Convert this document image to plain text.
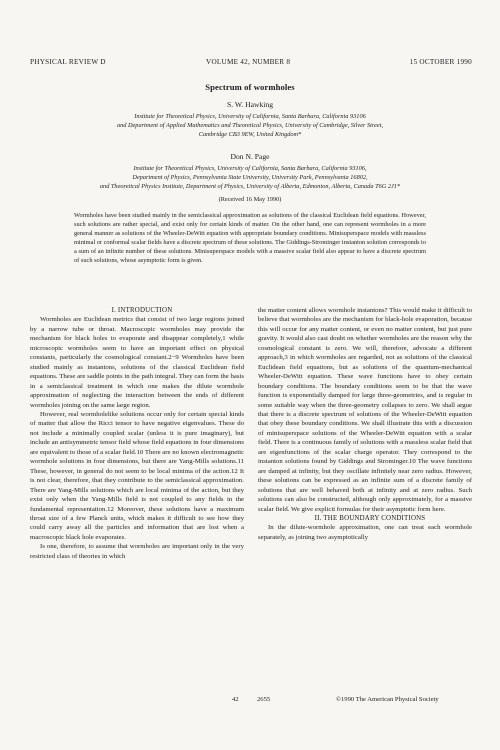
PHYSICAL REVIEW D	VOLUME 42, NUMBER 8	15 OCTOBER 1990
Spectrum of wormholes
S. W. Hawking
Institute for Theoretical Physics, University of California, Santa Barbara, California 93106
and Department of Applied Mathematics and Theoretical Physics, University of Cambridge, Silver Street,
Cambridge CB3 9EW, United Kingdom*
Don N. Page
Institute for Theoretical Physics, University of California, Santa Barbara, California 93106,
Department of Physics, Pennsylvania State University, University Park, Pennsylvania 16802,
and Theoretical Physics Institute, Department of Physics, University of Alberta, Edmonton, Alberta, Canada T6G 2J1*
(Received 16 May 1990)
Wormholes have been studied mainly in the semiclassical approximation as solutions of the classical Euclidean field equations. However, such solutions are rather special, and exist only for certain kinds of matter. On the other hand, one can represent wormholes in a more general manner as solutions of the Wheeler-DeWitt equation with appropriate boundary conditions. Minisuperspace models with massless minimal or conformal scalar fields have a discrete spectrum of these solutions. The Giddings-Strominger instanton solution corresponds to a sum of an infinite number of these solutions. Minisuperspace models with a massive scalar field also appear to have a discrete spectrum of such solutions, whose asymptotic form is given.

I. INTRODUCTION

Wormholes are Euclidean metrics that consist of two large regions joined by a narrow tube or throat. Macroscopic wormholes may provide the mechanism for black holes to evaporate and disappear completely,1 while microscopic wormholes seem to have an important effect on physical constants, particularly the cosmological constant.2−9 Wormholes have been studied mainly as instantons, solutions of the classical Euclidean field equations. These are saddle points in the path integral. They can form the basis in a semiclassical treatment in which one makes the dilute wormhole approximation of neglecting the interaction between the ends of different wormholes joining on the same large region.

However, real wormholelike solutions occur only for certain special kinds of matter that allow the Ricci tensor to have negative eigenvalues. These do not include a minimally coupled scalar (unless it is pure imaginary), but include an antisymmetric tensor field whose field equations in four dimensions are equivalent to those of a scalar field.10 There are no known electromagnetic wormhole solutions in four dimensions, but there are Yang-Mills solutions.11 These, however, in general do not seem to be local minima of the action.12 It is not clear, therefore, that they contribute to the semiclassical approximation. There are Yang-Mills solutions which are local minima of the action, but they exist only when the Yang-Mills field is not coupled to any fields in the fundamental representation.12 Moreover, these solutions have a maximum throat size of a few Planck units, which makes it difficult to see how they could carry away all the particles and information that are lost when a macroscopic black hole evaporates.

Is one, therefore, to assume that wormholes are important only in the very restricted class of theories in which

the matter content allows wormhole instantons? This would make it difficult to believe that wormholes are the mechanism for black-hole evaporation, because this will occur for any matter content, or even no matter content, but just pure gravity. It would also cast doubt on whether wormholes are the reason why the cosmological constant is zero. We will, therefore, advocate a different approach,3 in which wormholes are regarded, not as solutions of the classical Euclidean field equations, but as solutions of the quantum-mechanical Wheeler-DeWitt equation. These wave functions have to obey certain boundary conditions. The boundary conditions seem to be that the wave function is exponentially damped for large three-geometries, and is regular in some suitable way when the three-geometry collapses to zero. We shall argue that there is a discrete spectrum of solutions of the Wheeler-DeWitt equation that obey these boundary conditions. We shall illustrate this with a discussion of minisuperspace solutions of the Wheeler-DeWitt equation with a scalar field. There is a continuous family of solutions with a massless scalar field that are eigenfunctions of the scalar charge operator. They correspond to the instanton solutions found by Giddings and Strominger.10 The wave functions are damped at infinity, but they oscillate infinitely near zero radius. However, these solutions can be expressed as an infinite sum of a discrete family of solutions that are well behaved both at infinity and at zero radius. Such solutions can also be constructed, although only approximately, for a massive scalar field. We give explicit formulas for their asymptotic form here.

II. THE BOUNDARY CONDITIONS

In the dilute-wormhole approximation, one can treat each wormhole separately, as joining two asymptotically

42	2655	©1990 The American Physical Society
